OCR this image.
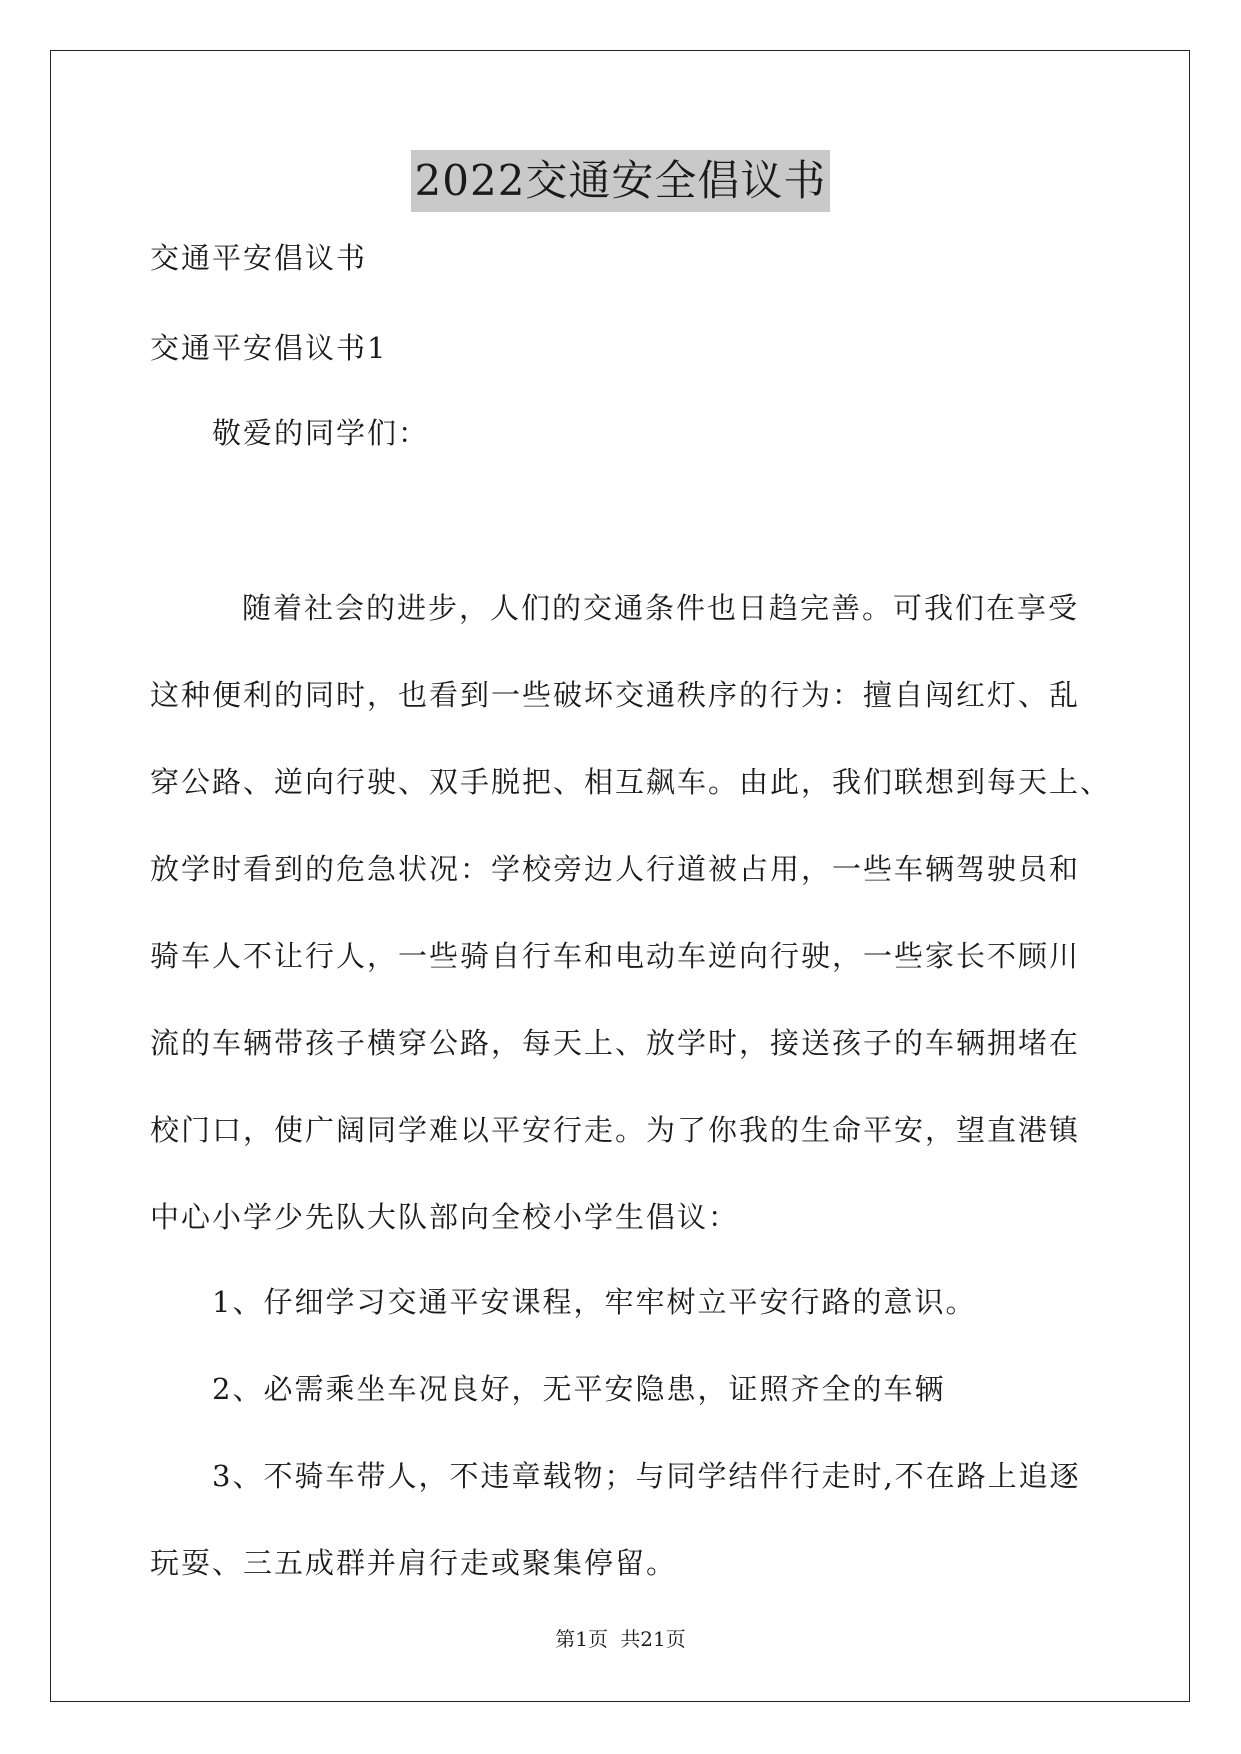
2022交通安全倡议书
交通平安倡议书
交通平安倡议书1
敬爱的同学们：
随着社会的进步，人们的交通条件也日趋完善。可我们在享受
这种便利的同时，也看到一些破坏交通秩序的行为：擅自闯红灯、乱
穿公路、逆向行驶、双手脱把、相互飙车。由此，我们联想到每天上、
放学时看到的危急状况：学校旁边人行道被占用，一些车辆驾驶员和
骑车人不让行人，一些骑自行车和电动车逆向行驶，一些家长不顾川
流的车辆带孩子横穿公路，每天上、放学时，接送孩子的车辆拥堵在
校门口，使广阔同学难以平安行走。为了你我的生命平安，望直港镇
中心小学少先队大队部向全校小学生倡议：
1、仔细学习交通平安课程，牢牢树立平安行路的意识。
2、必需乘坐车况良好，无平安隐患，证照齐全的车辆
3、不骑车带人，不违章载物；与同学结伴行走时,不在路上追逐
玩耍、三五成群并肩行走或聚集停留。
第1页 共21页
